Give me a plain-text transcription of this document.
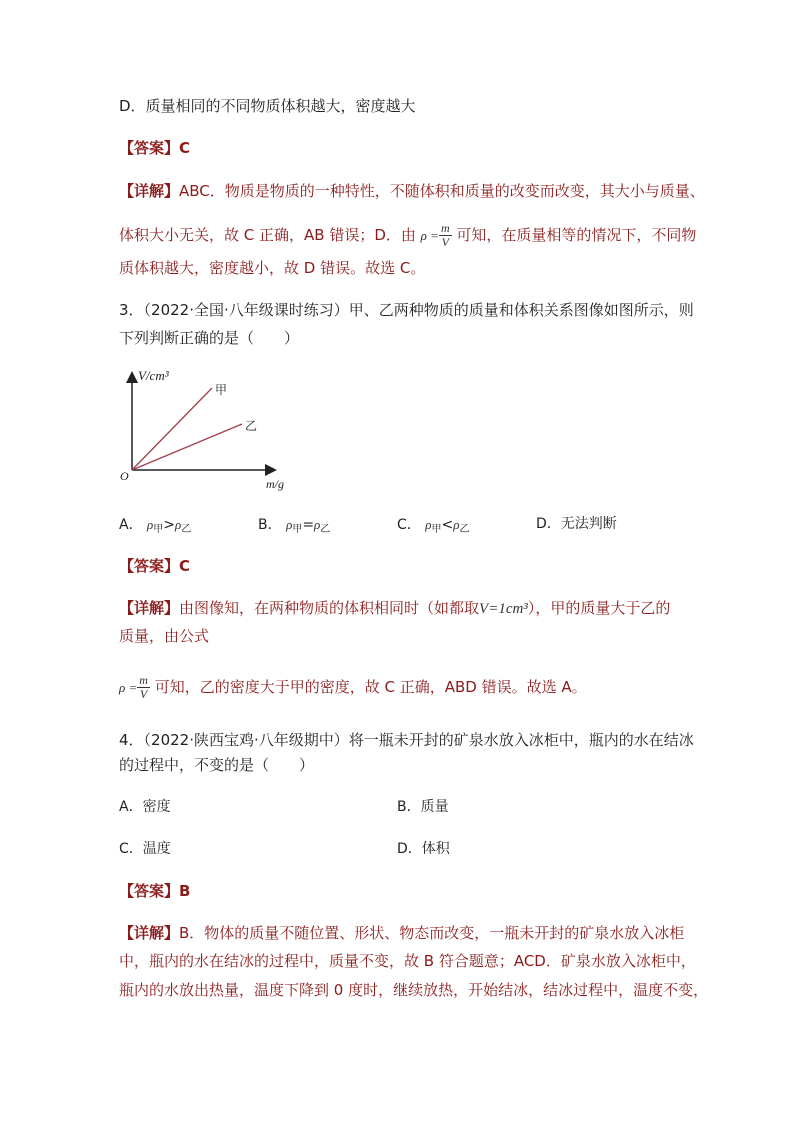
D．质量相同的不同物质体积越大，密度越大
【答案】C
【详解】ABC．物质是物质的一种特性，不随体积和质量的改变而改变，其大小与质量、
体积大小无关，故 C 正确，AB 错误；D．由 $\rho = \frac{m}{V}$ 可知，在质量相等的情况下，不同物
质体积越大，密度越小，故 D 错误。故选 C。
3．（2022·全国·八年级课时练习）甲、乙两种物质的质量和体积关系图像如图所示，则
下列判断正确的是（　　）
V/cm³
m/g
O
甲
乙
A． $\rho_甲>\rho_乙$	B． $\rho_甲=\rho_乙$	C． $\rho_甲<\rho_乙$	D．无法判断
【答案】C
【详解】由图像知，在两种物质的体积相同时（如都取V=1cm³），甲的质量大于乙的
质量，由公式
$\rho = \frac{m}{V}$ 可知，乙的密度大于甲的密度，故 C 正确，ABD 错误。故选 A。
4．（2022·陕西宝鸡·八年级期中）将一瓶未开封的矿泉水放入冰柜中，瓶内的水在结冰
的过程中，不变的是（　　）
A．密度	B．质量
C．温度	D．体积
【答案】B
【详解】B．物体的质量不随位置、形状、物态而改变，一瓶未开封的矿泉水放入冰柜
中，瓶内的水在结冰的过程中，质量不变，故 B 符合题意；ACD．矿泉水放入冰柜中，
瓶内的水放出热量，温度下降到 0 度时，继续放热，开始结冰，结冰过程中，温度不变，
